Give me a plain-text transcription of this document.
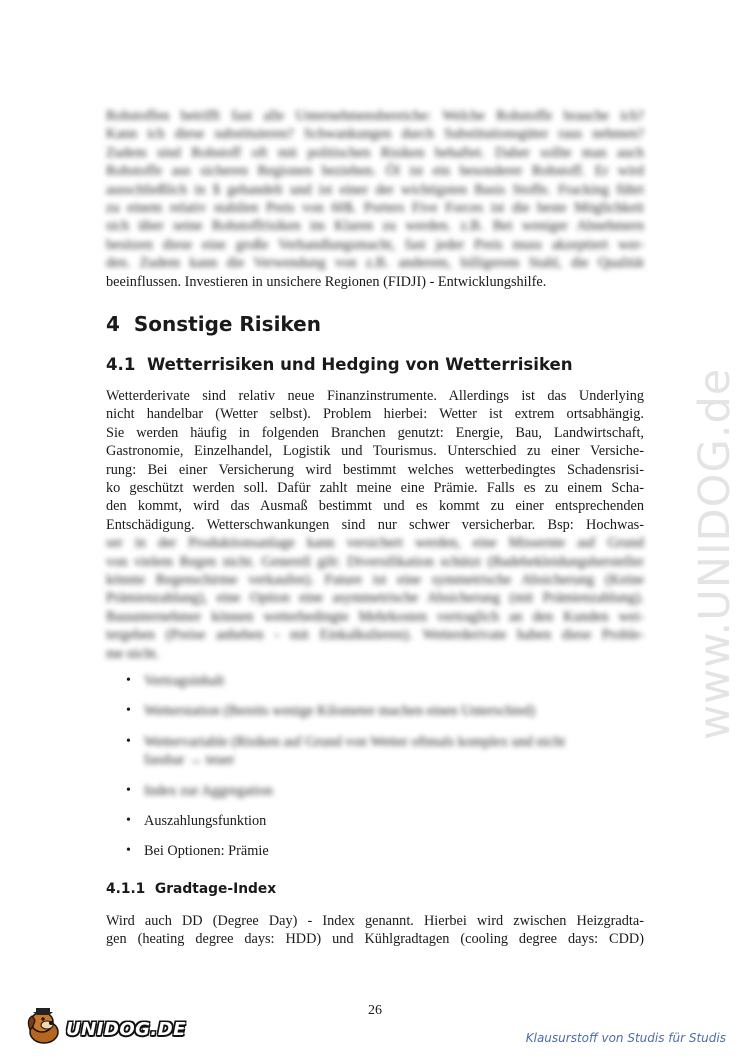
www.UNIDOG.de
Rohstoffen betrifft fast alle Unternehmensbereiche: Welche Rohstoffe brauche ich?
Kann ich diese substituieren? Schwankungen durch Substitutionsgüter raus nehmen?
Zudem sind Rohstoff oft mit politischen Risiken behaftet. Daher sollte man auch
Rohstoffe aus sicheren Regionen beziehen. Öl ist ein besonderer Rohstoff. Er wird
ausschließlich in $ gehandelt und ist einer der wichtigsten Basis Stoffe. Fracking führt
zu einem relativ stabilen Preis von 60$. Porters Five Forces ist die beste Möglichkeit
sich über seine Rohstoffrisiken im Klaren zu werden. z.B. Bei weniger Abnehmern
besitzen diese eine große Verhandlungsmacht, fast jeder Preis muss akzeptiert wer-
den. Zudem kann die Verwendung von z.B. anderem, billigerem Stahl, die Qualität
beeinflussen. Investieren in unsichere Regionen (FIDJI) - Entwicklungshilfe.
4 Sonstige Risiken
4.1 Wetterrisiken und Hedging von Wetterrisiken
Wetterderivate sind relativ neue Finanzinstrumente. Allerdings ist das Underlying
nicht handelbar (Wetter selbst). Problem hierbei: Wetter ist extrem ortsabhängig.
Sie werden häufig in folgenden Branchen genutzt: Energie, Bau, Landwirtschaft,
Gastronomie, Einzelhandel, Logistik und Tourismus. Unterschied zu einer Versiche-
rung: Bei einer Versicherung wird bestimmt welches wetterbedingtes Schadensrisi-
ko geschützt werden soll. Dafür zahlt meine eine Prämie. Falls es zu einem Scha-
den kommt, wird das Ausmaß bestimmt und es kommt zu einer entsprechenden
Entschädigung. Wetterschwankungen sind nur schwer versicherbar. Bsp: Hochwas-
ser in der Produktionsanlage kann versichert werden, eine Missernte auf Grund
von vielem Regen nicht. Generell gilt: Diversifikation schützt (Badebekleidungshersteller
könnte Regenschirme verkaufen). Future ist eine symmetrische Absicherung (Keine
Prämienzahlung), eine Option eine asymmetrische Absicherung (mit Prämienzahlung).
Bauunternehmer können wetterbedingte Mehrkosten vertraglich an den Kunden wei-
tergeben (Preise anheben - mit Einkalkulieren). Wetterderivate haben diese Proble-
me nicht.
• Vertragsinhalt
• Wetterstation (Bereits wenige Kilometer machen einen Unterschied)
• Wettervariable (Risiken auf Grund von Wetter oftmals komplex und nicht
fassbar → teuer
• Index zur Aggregation
• Auszahlungsfunktion
• Bei Optionen: Prämie
4.1.1 Gradtage-Index
Wird auch DD (Degree Day) - Index genannt. Hierbei wird zwischen Heizgradta-
gen (heating degree days: HDD) und Kühlgradtagen (cooling degree days: CDD)
26
UNIDOG.DE	Klausurstoff von Studis für Studis
